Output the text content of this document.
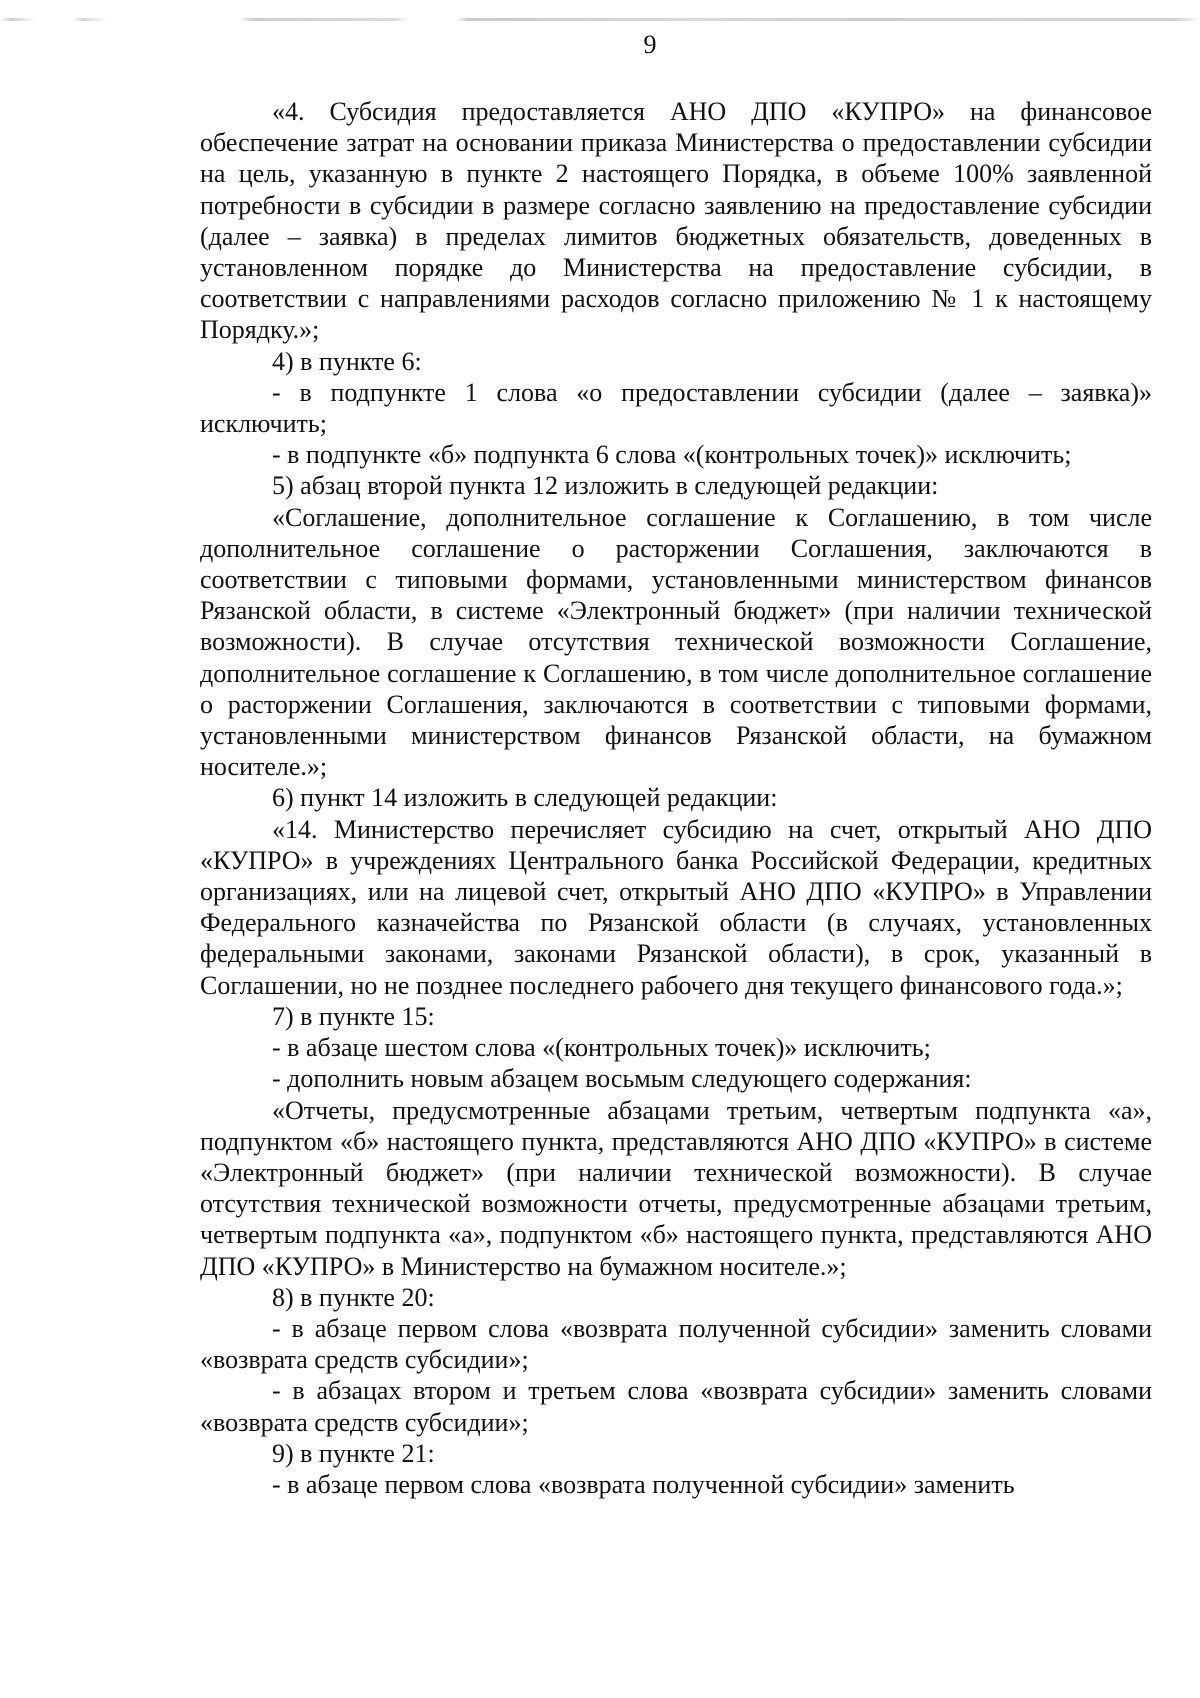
9

«4. Субсидия предоставляется АНО ДПО «КУПРО» на финансовое обеспечение затрат на основании приказа Министерства о предоставлении субсидии на цель, указанную в пункте 2 настоящего Порядка, в объеме 100% заявленной потребности в субсидии в размере согласно заявлению на предоставление субсидии (далее – заявка) в пределах лимитов бюджетных обязательств, доведенных в установленном порядке до Министерства на предоставление субсидии, в соответствии с направлениями расходов согласно приложению № 1 к настоящему Порядку.»;

4) в пункте 6:

- в подпункте 1 слова «о предоставлении субсидии (далее – заявка)» исключить;

- в подпункте «б» подпункта 6 слова «(контрольных точек)» исключить;

5) абзац второй пункта 12 изложить в следующей редакции:

«Соглашение, дополнительное соглашение к Соглашению, в том числе дополнительное соглашение о расторжении Соглашения, заключаются в соответствии с типовыми формами, установленными министерством финансов Рязанской области, в системе «Электронный бюджет» (при наличии технической возможности). В случае отсутствия технической возможности Соглашение, дополнительное соглашение к Соглашению, в том числе дополнительное соглашение о расторжении Соглашения, заключаются в соответствии с типовыми формами, установленными министерством финансов Рязанской области, на бумажном носителе.»;

6) пункт 14 изложить в следующей редакции:

«14. Министерство перечисляет субсидию на счет, открытый АНО ДПО «КУПРО» в учреждениях Центрального банка Российской Федерации, кредитных организациях, или на лицевой счет, открытый АНО ДПО «КУПРО» в Управлении Федерального казначейства по Рязанской области (в случаях, установленных федеральными законами, законами Рязанской области), в срок, указанный в Соглашении, но не позднее последнего рабочего дня текущего финансового года.»;

7) в пункте 15:

- в абзаце шестом слова «(контрольных точек)» исключить;

- дополнить новым абзацем восьмым следующего содержания:

«Отчеты, предусмотренные абзацами третьим, четвертым подпункта «а», подпунктом «б» настоящего пункта, представляются АНО ДПО «КУПРО» в системе «Электронный бюджет» (при наличии технической возможности). В случае отсутствия технической возможности отчеты, предусмотренные абзацами третьим, четвертым подпункта «а», подпунктом «б» настоящего пункта, представляются АНО ДПО «КУПРО» в Министерство на бумажном носителе.»;

8) в пункте 20:

- в абзаце первом слова «возврата полученной субсидии» заменить словами «возврата средств субсидии»;

- в абзацах втором и третьем слова «возврата субсидии» заменить словами «возврата средств субсидии»;

9) в пункте 21:

- в абзаце первом слова «возврата полученной субсидии» заменить
